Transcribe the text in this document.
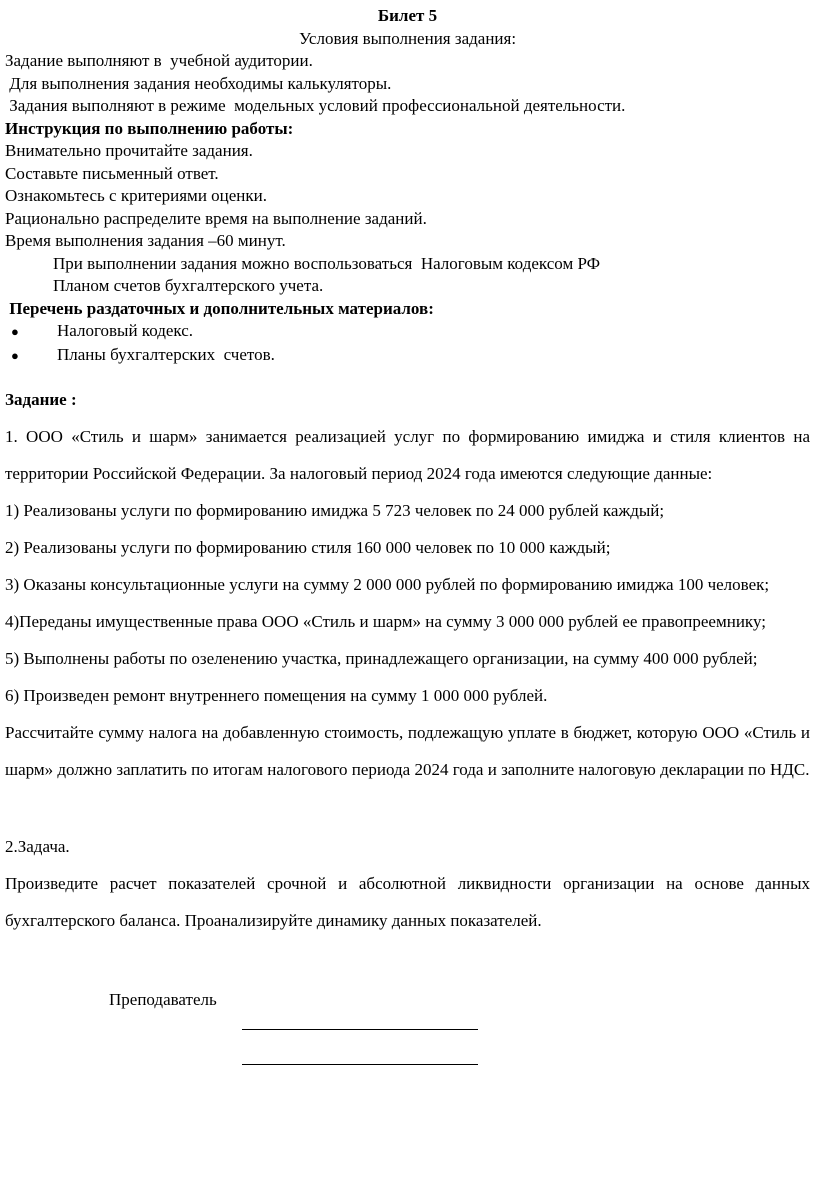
Билет 5
Условия выполнения задания:
Задание выполняют в  учебной аудитории.
Для выполнения задания необходимы калькуляторы.
Задания выполняют в режиме  модельных условий профессиональной деятельности.
Инструкция по выполнению работы:
Внимательно прочитайте задания.
Составьте письменный ответ.
Ознакомьтесь с критериями оценки.
Рационально распределите время на выполнение заданий.
Время выполнения задания –60 минут.
При выполнении задания можно воспользоваться  Налоговым кодексом РФ
Планом счетов бухгалтерского учета.
Перечень раздаточных и дополнительных материалов:
●	Налоговый кодекс.
●	Планы бухгалтерских  счетов.
Задание :

1. ООО «Стиль и шарм» занимается реализацией услуг по формированию имиджа и стиля клиентов на территории Российской Федерации. За налоговый период 2024 года имеются следующие данные:

1) Реализованы услуги по формированию имиджа 5 723 человек по 24 000 рублей каждый;

2) Реализованы услуги по формированию стиля 160 000 человек по 10 000 каждый;

3) Оказаны консультационные услуги на сумму 2 000 000 рублей по формированию имиджа 100 человек;

4)Переданы имущественные права ООО «Стиль и шарм» на сумму 3 000 000 рублей ее правопреемнику;

5) Выполнены работы по озеленению участка, принадлежащего организации, на сумму 400 000 рублей;

6) Произведен ремонт внутреннего помещения на сумму 1 000 000 рублей.

Рассчитайте сумму налога на добавленную стоимость, подлежащую уплате в бюджет, которую ООО «Стиль и шарм» должно заплатить по итогам налогового периода 2024 года и заполните налоговую декларации по НДС.

2.Задача.

Произведите расчет показателей срочной и абсолютной ликвидности организации на основе данных бухгалтерского баланса. Проанализируйте динамику данных показателей.

Преподаватель
